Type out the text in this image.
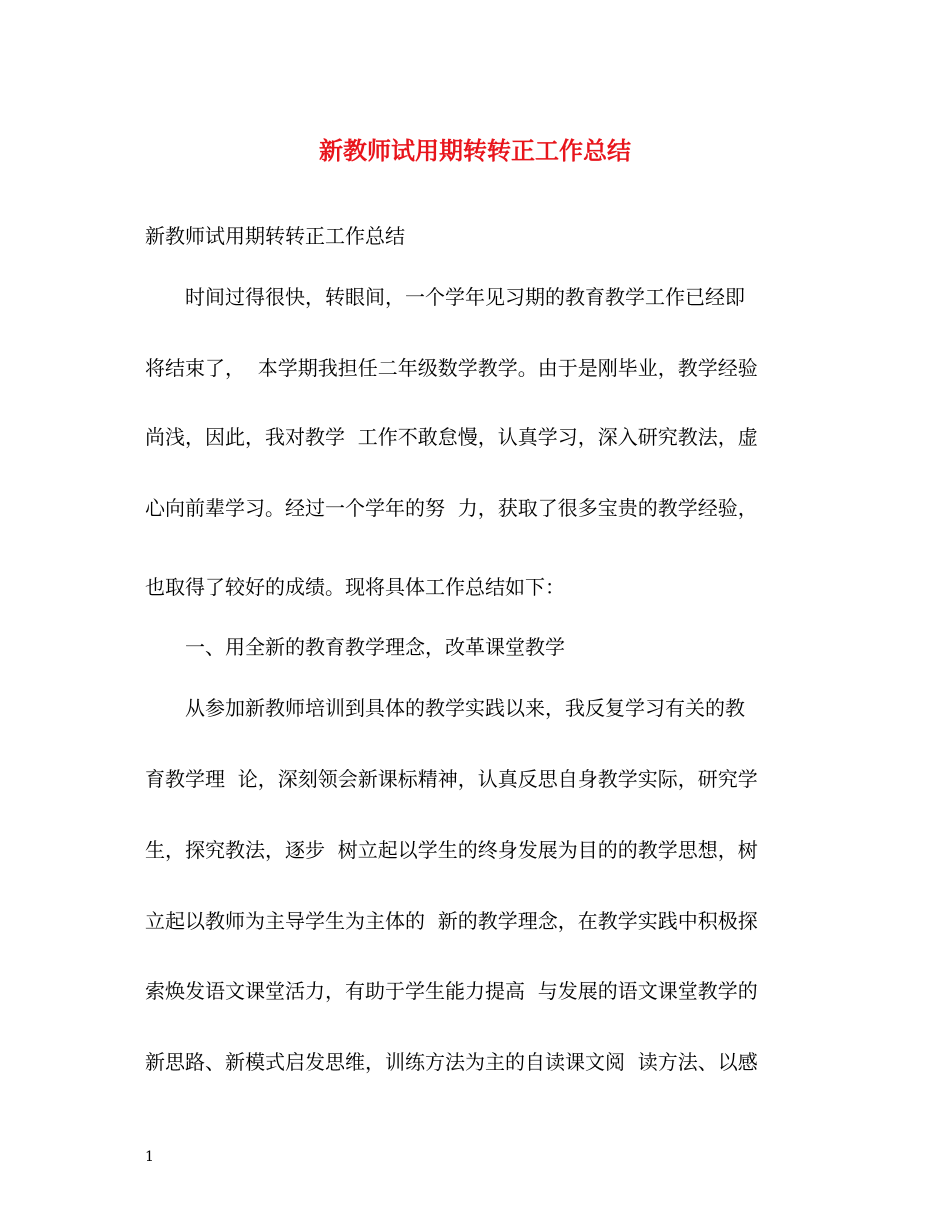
新教师试用期转转正工作总结
新教师试用期转转正工作总结
　　时间过得很快，转眼间，一个学年见习期的教育教学工作已经即
将结束了，  本学期我担任二年级数学教学。由于是刚毕业，教学经验
尚浅，因此，我对教学  工作不敢怠慢，认真学习，深入研究教法，虚
心向前辈学习。经过一个学年的努  力，获取了很多宝贵的教学经验，
也取得了较好的成绩。现将具体工作总结如下：
　　一、用全新的教育教学理念，改革课堂教学
　　从参加新教师培训到具体的教学实践以来，我反复学习有关的教
育教学理  论，深刻领会新课标精神，认真反思自身教学实际，研究学
生，探究教法，逐步  树立起以学生的终身发展为目的的教学思想，树
立起以教师为主导学生为主体的  新的教学理念，在教学实践中积极探
索焕发语文课堂活力，有助于学生能力提高  与发展的语文课堂教学的
新思路、新模式启发思维，训练方法为主的自读课文阅  读方法、以感
1
